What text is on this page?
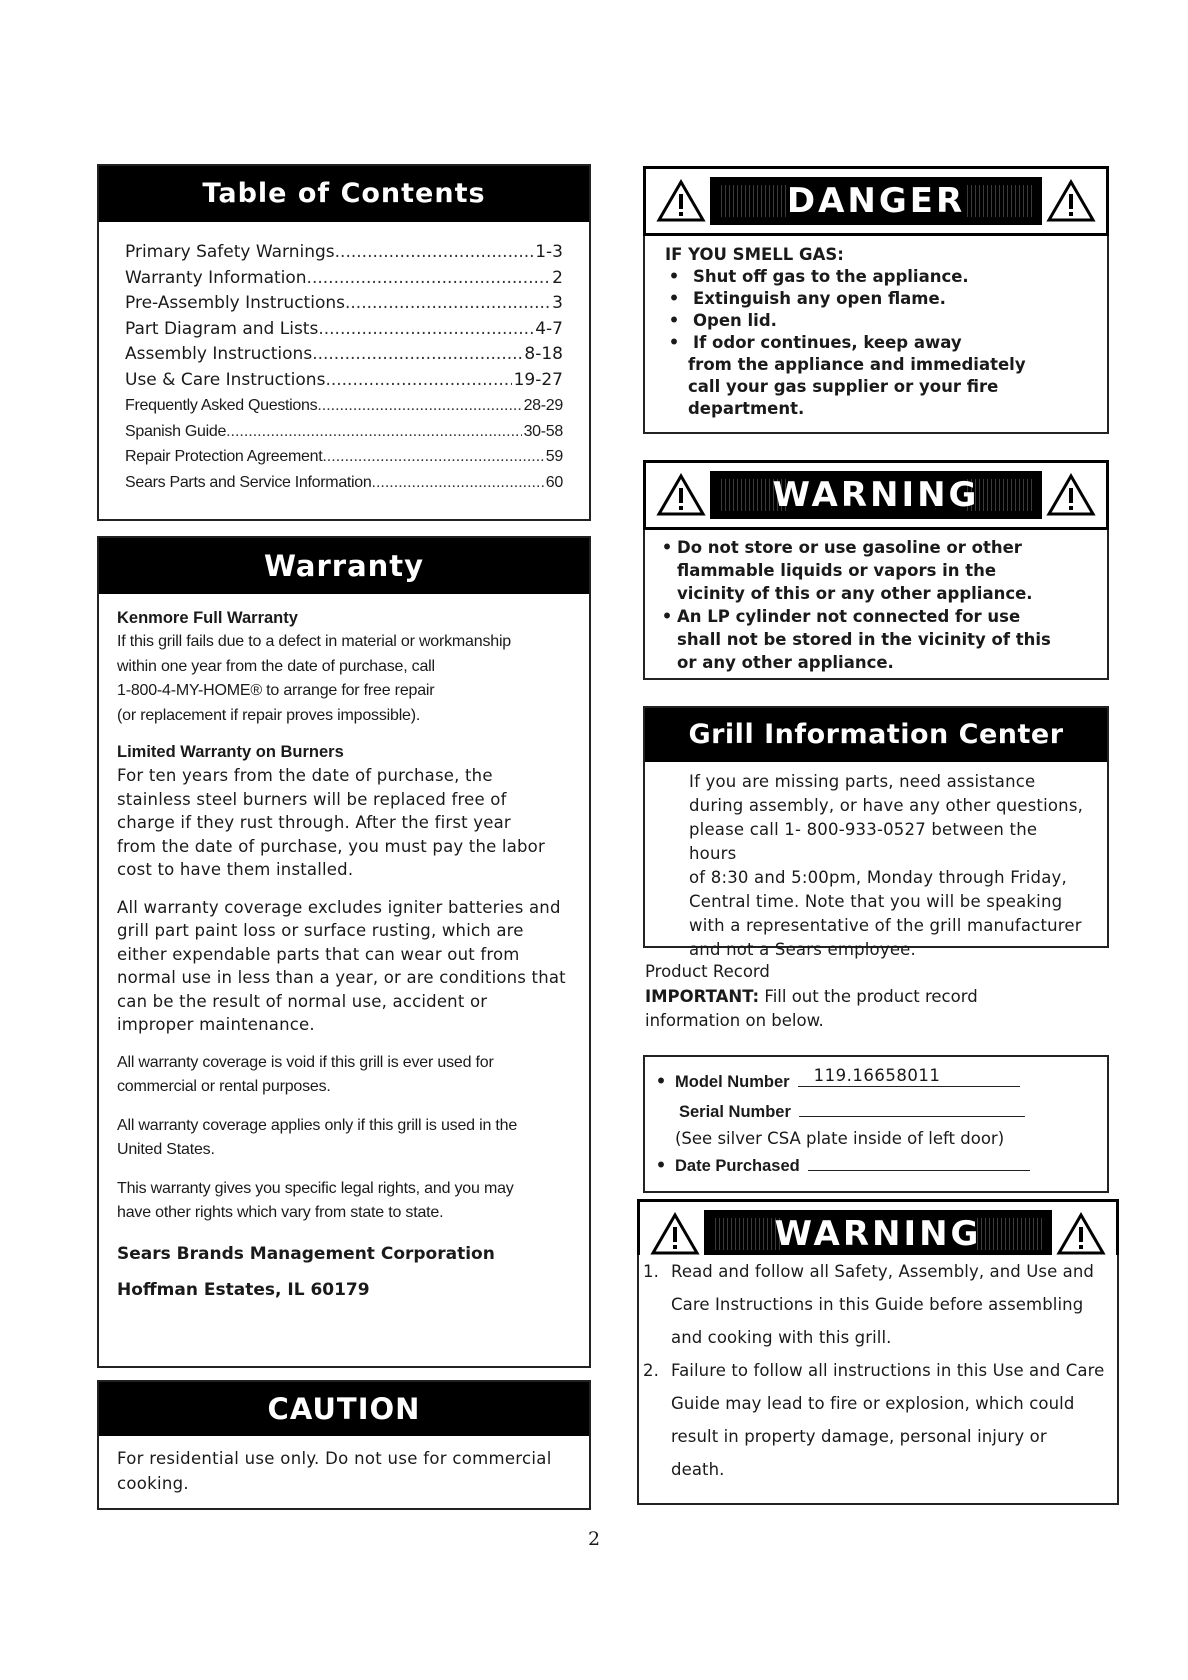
Table of Contents
Primary Safety Warnings .....	1-3
Warranty Information .....	2
Pre-Assembly Instructions .....	3
Part Diagram and Lists .....	4-7
Assembly Instructions .....	8-18
Use & Care Instructions .....	19-27
Frequently Asked Questions .....	28-29
Spanish Guide .....	30-58
Repair Protection Agreement .....	59
Sears Parts and Service Information .....	60
Warranty

Kenmore Full Warranty

If this grill fails due to a defect in material or workmanship
within one year from the date of purchase, call
1-800-4-MY-HOME® to arrange for free repair
(or replacement if repair proves impossible).

Limited Warranty on Burners

For ten years from the date of purchase, the
stainless steel burners will be replaced free of
charge if they rust through. After the first year
from the date of purchase, you must pay the labor
cost to have them installed.

All warranty coverage excludes igniter batteries and
grill part paint loss or surface rusting, which are
either expendable parts that can wear out from
normal use in less than a year, or are conditions that
can be the result of normal use, accident or
improper maintenance.

All warranty coverage is void if this grill is ever used for
commercial or rental purposes.

All warranty coverage applies only if this grill is used in the
United States.

This warranty gives you specific legal rights, and you may
have other rights which vary from state to state.

Sears Brands Management Corporation

Hoffman Estates, IL 60179

CAUTION
For residential use only. Do not use for commercial
cooking.
DANGER
IF YOU SMELL GAS:
• Shut off gas to the appliance.
• Extinguish any open flame.
• Open lid.
• If odor continues, keep away
from the appliance and immediately
call your gas supplier or your fire
department.
WARNING
• Do not store or use gasoline or other
flammable liquids or vapors in the
vicinity of this or any other appliance.
• An LP cylinder not connected for use
shall not be stored in the vicinity of this
or any other appliance.
Grill Information Center
If you are missing parts, need assistance
during assembly, or have any other questions,
please call 1- 800-933-0527 between the hours
of 8:30 and 5:00pm, Monday through Friday,
Central time. Note that you will be speaking
with a representative of the grill manufacturer
and not a Sears employee.
Product Record
IMPORTANT: Fill out the product record
information on below.
• Model Number 119.16658011
Serial Number
(See silver CSA plate inside of left door)
• Date Purchased
WARNING
1. Read and follow all Safety, Assembly, and Use and
Care Instructions in this Guide before assembling
and cooking with this grill.
2. Failure to follow all instructions in this Use and Care
Guide may lead to fire or explosion, which could
result in property damage, personal injury or
death.
2
